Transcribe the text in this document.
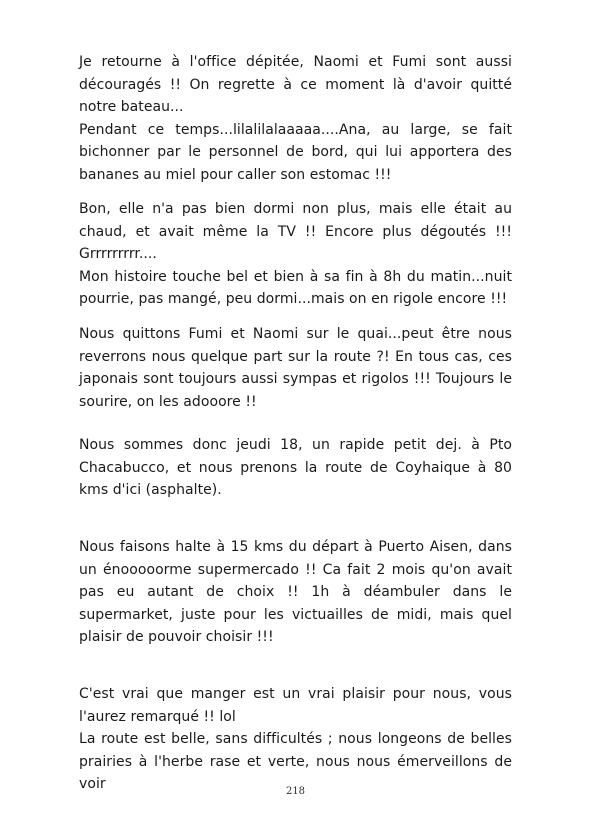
Je retourne à l'office dépitée, Naomi et Fumi sont aussi découragés !! On regrette à ce moment là d'avoir quitté notre bateau...

Pendant ce temps...lilalilalaaaaa....Ana, au large, se fait bichonner par le personnel de bord, qui lui apportera des bananes au miel pour caller son estomac !!!

Bon, elle n'a pas bien dormi non plus, mais elle était au chaud, et avait même la TV !! Encore plus dégoutés !!! Grrrrrrrrr....

Mon histoire touche bel et bien à sa fin à 8h du matin...nuit pourrie, pas mangé, peu dormi...mais on en rigole encore !!!

Nous quittons Fumi et Naomi sur le quai...peut être nous reverrons nous quelque part sur la route ?! En tous cas, ces japonais sont toujours aussi sympas et rigolos !!! Toujours le sourire, on les adooore !!

Nous sommes donc jeudi 18, un rapide petit dej. à Pto Chacabucco, et nous prenons la route de Coyhaique à 80 kms d'ici (asphalte).

Nous faisons halte à 15 kms du départ à Puerto Aisen, dans un énooooorme supermercado !! Ca fait 2 mois qu'on avait pas eu autant de choix !! 1h à déambuler dans le supermarket, juste pour les victuailles de midi, mais quel plaisir de pouvoir choisir !!!

C'est vrai que manger est un vrai plaisir pour nous, vous l'aurez remarqué !! lol

La route est belle, sans difficultés ; nous longeons de belles prairies à l'herbe rase et verte, nous nous émerveillons de voir	218
